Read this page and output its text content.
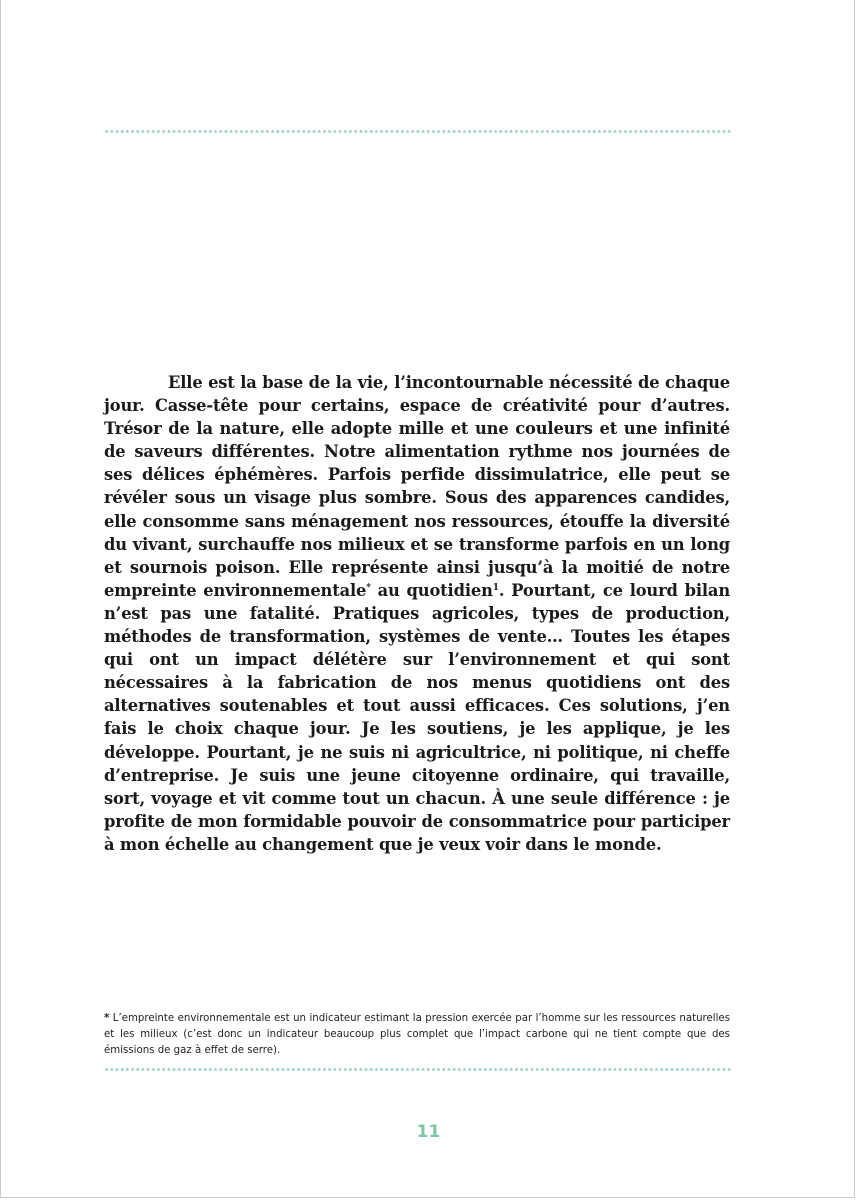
Elle est la base de la vie, l’incontournable nécessité de chaque jour. Casse-tête pour certains, espace de créativité pour d’autres. Trésor de la nature, elle adopte mille et une couleurs et une infinité de saveurs différentes. Notre alimentation rythme nos journées de ses délices éphémères. Parfois perfide dissimulatrice, elle peut se révéler sous un visage plus sombre. Sous des apparences candides, elle consomme sans ménagement nos ressources, étouffe la diversité du vivant, surchauffe nos milieux et se transforme parfois en un long et sournois poison. Elle représente ainsi jusqu’à la moitié de notre empreinte environnementale* au quotidien$^1$. Pourtant, ce lourd bilan n’est pas une fatalité. Pratiques agricoles, types de production, méthodes de transformation, systèmes de vente… Toutes les étapes qui ont un impact délétère sur l’environnement et qui sont nécessaires à la fabrication de nos menus quotidiens ont des alternatives soutenables et tout aussi efficaces. Ces solutions, j’en fais le choix chaque jour. Je les soutiens, je les applique, je les développe. Pourtant, je ne suis ni agricultrice, ni politique, ni cheffe d’entreprise. Je suis une jeune citoyenne ordinaire, qui travaille, sort, voyage et vit comme tout un chacun. À une seule différence : je profite de mon formidable pouvoir de consommatrice pour participer à mon échelle au changement que je veux voir dans le monde.

* L’empreinte environnementale est un indicateur estimant la pression exercée par l’homme sur les ressources naturelles et les milieux (c’est donc un indicateur beaucoup plus complet que l’impact carbone qui ne tient compte que des émissions de gaz à effet de serre).

11
